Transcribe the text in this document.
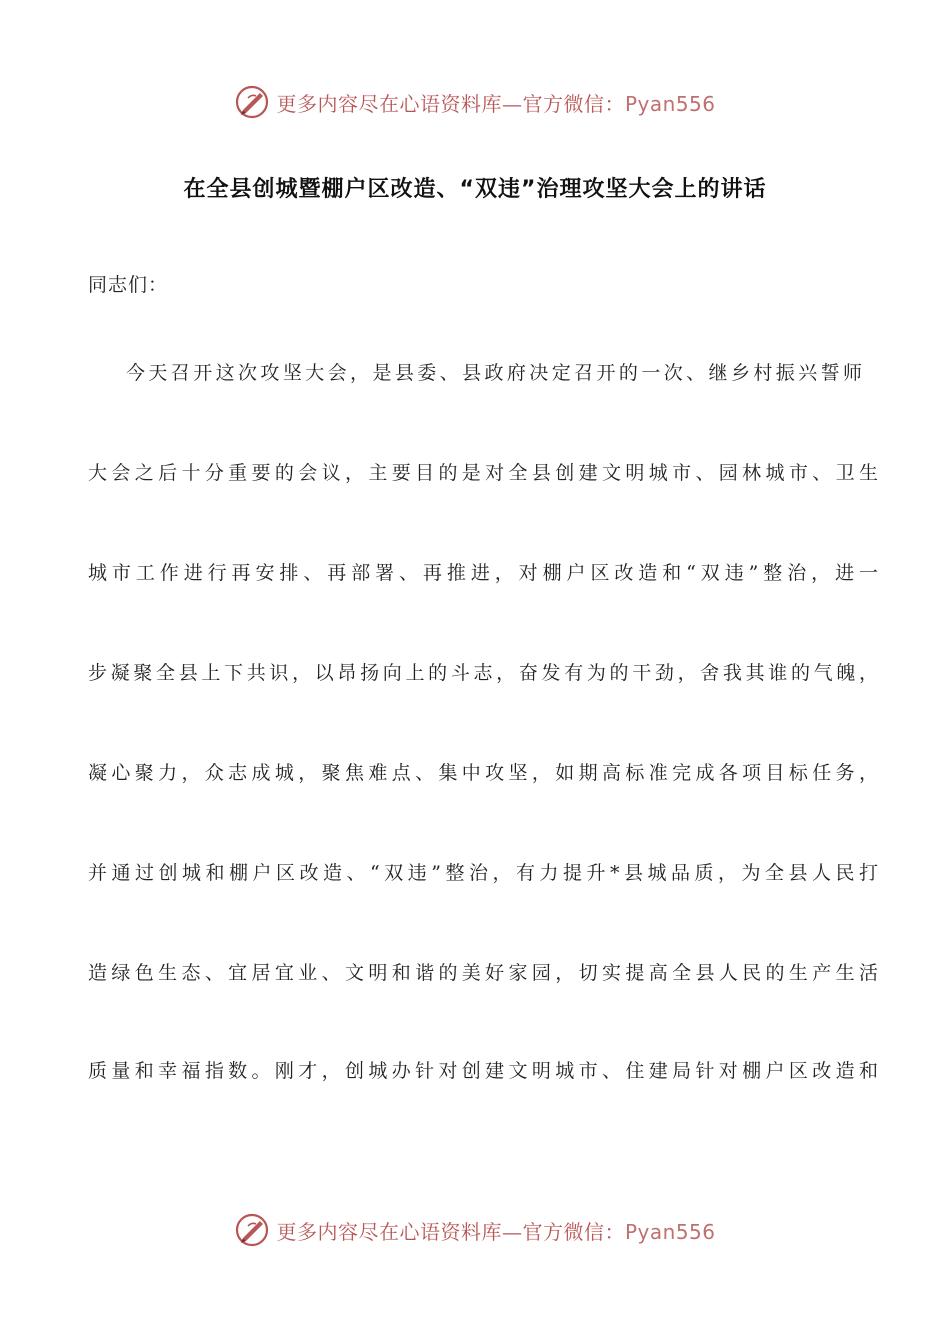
更多内容尽在心语资料库—官方微信：Pyan556
在全县创城暨棚户区改造、“双违”治理攻坚大会上的讲话
同志们：
今天召开这次攻坚大会，是县委、县政府决定召开的一次、继乡村振兴誓师
大会之后十分重要的会议，主要目的是对全县创建文明城市、园林城市、卫生
城市工作进行再安排、再部署、再推进，对棚户区改造和“双违”整治，进一
步凝聚全县上下共识，以昂扬向上的斗志，奋发有为的干劲，舍我其谁的气魄，
凝心聚力，众志成城，聚焦难点、集中攻坚，如期高标准完成各项目标任务，
并通过创城和棚户区改造、“双违”整治，有力提升*县城品质，为全县人民打
造绿色生态、宜居宜业、文明和谐的美好家园，切实提高全县人民的生产生活
质量和幸福指数。刚才，创城办针对创建文明城市、住建局针对棚户区改造和
更多内容尽在心语资料库—官方微信：Pyan556
